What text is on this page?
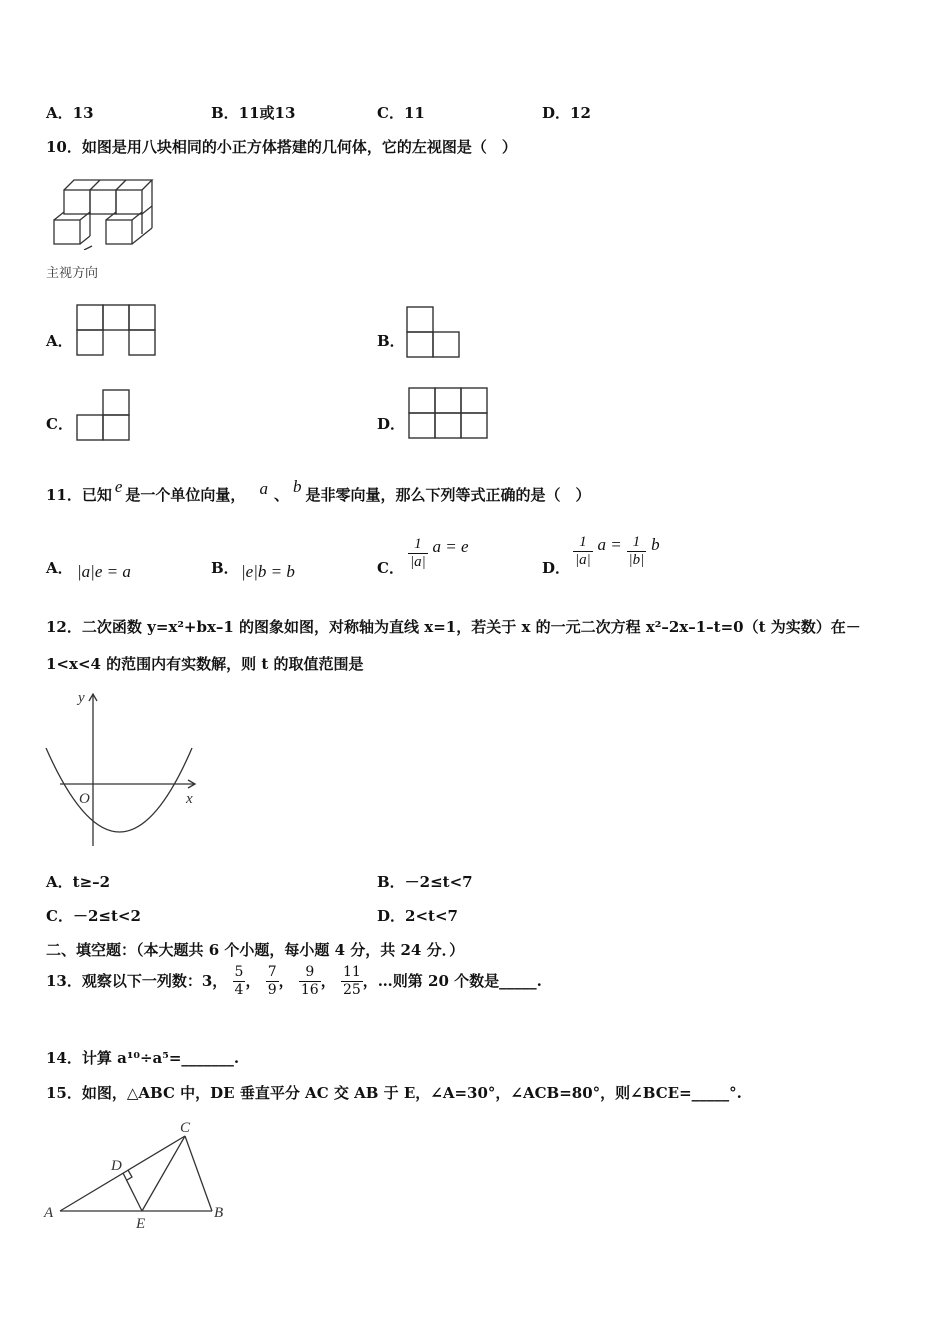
A．13	B．11或13	C．11	D．12
10．如图是用八块相同的小正方体搭建的几何体，它的左视图是（　）
主视方向
A．	B．
C．	D．
11．已知 e 是一个单位向量， a 、 b 是非零向量，那么下列等式正确的是（　）
A． |a|e = a	B． |e|b = b	C． $\frac{1}{|a|}$ a = e
D． $\frac{1}{|a|}$ $a = \frac{1}{|b|}$ b
12．二次函数 y=x²+bx–1 的图象如图，对称轴为直线 x=1，若关于 x 的一元二次方程 x²–2x–1–t=0（t 为实数）在－
1<x<4 的范围内有实数解，则 t 的取值范围是
y
x
O
A．t≥–2	B．－2≤t<7
C．－2≤t<2	D．2<t<7
二、填空题：（本大题共 6 个小题，每小题 4 分，共 24 分．）
13．观察以下一列数：3， $\frac{5}{4}$ ， $\frac{7}{9}$ ， $\frac{9}{16}$ ， $\frac{11}{25}$ ，…则第 20 个数是_____.
14．计算 a¹⁰÷a⁵=_______.
15．如图，△ABC 中，DE 垂直平分 AC 交 AB 于 E，∠A=30°，∠ACB=80°，则∠BCE=_____°.
A	B
C
D
E
